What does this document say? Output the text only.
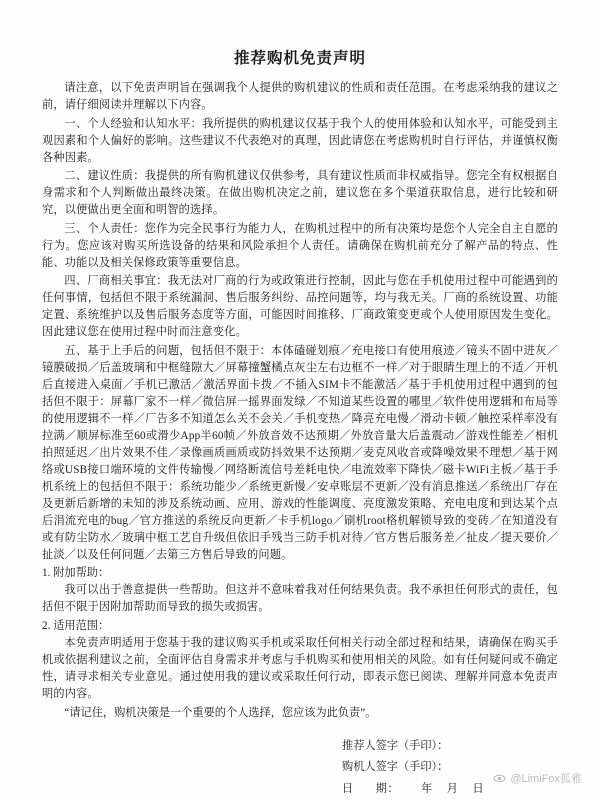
推荐购机免责声明

请注意，以下免责声明旨在强调我个人提供的购机建议的性质和责任范围。在考虑采纳我的建议之前，请仔细阅读并理解以下内容。

一、个人经验和认知水平：我所提供的购机建议仅基于我个人的使用体验和认知水平，可能受到主观因素和个人偏好的影响。这些建议不代表绝对的真理，因此请您在考虑购机时自行评估，并谨慎权衡各种因素。

二、建议性质：我提供的所有购机建议仅供参考，具有建议性质而非权威指导。您完全有权根据自身需求和个人判断做出最终决策。在做出购机决定之前，建议您在多个渠道获取信息，进行比较和研究，以便做出更全面和明智的选择。

三、个人责任：您作为完全民事行为能力人，在购机过程中的所有决策均是您个人完全自主自愿的行为。您应该对购买所选设备的结果和风险承担个人责任。请确保在购机前充分了解产品的特点、性能、功能以及相关保修政策等重要信息。

四、厂商相关事宜：我无法对厂商的行为或政策进行控制，因此与您在手机使用过程中可能遇到的任何事情，包括但不限于系统漏洞、售后服务纠纷、品控问题等，均与我无关。厂商的系统设置、功能定置、系统维护以及售后服务态度等方面，可能因时间推移、厂商政策变更或个人使用原因发生变化。因此建议您在使用过程中时而注意变化。

五、基于上手后的问题，包括但不限于：本体磕碰划痕／充电接口有使用痕迹／镜头不固中进灰／镜膜破损／后盖玻璃和中框缝隙大／屏幕撞蟹橘点灰尘左右边框不一样／对于眼睛生理上的不适／开机后直接进入桌面／手机已激活／激活界面卡拨／不插入SIM卡不能激活／基于手机使用过程中遇到的包括但不限于：屏幕厂家不一样／微信屏一摇界面发绿／不知道某些设置的哪里／软件使用逻辑和布局等的使用逻辑不一样／厂告多不知道怎么关不会关／手机变热／降亮充电慢／滑动卡顿／触控采样率没有拉满／顺屏标准至60或滑少App半60帧／外放音效不达预期／外放音量大后盖震动／游戏性能差／相机拍照延迟／出片效果不佳／录像画质画质或防抖效果不达预期／麦克风收音或降噪效果不理想／基于网络或USB接口端环境的文件传输慢／网络断流信号差耗电快／电流效率下降快／磁卡WiFi主板／基于手机系统上的包括但不限于：系统功能少／系统更新慢／安卓账层不更新／没有消息推送／系统出厂存在及更新后新增的未知的涉及系统动画、应用、游戏的性能调度、亮度激发策略、充电电度和到达某个点后涓流充电的bug／官方推送的系统反向更新／卡手机logo／刷机root格机解锁导致的变砖／在知道没有或有防尘防水／玻璃中框工艺自升级但依旧手残当三防手机对待／官方售后服务差／扯皮／提天要价／扯淡／以及任何问题／去第三方售后导致的问题。

1. 附加帮助：

我可以出于善意提供一些帮助。但这并不意味着我对任何结果负责。我不承担任何形式的责任，包括但不限于因附加帮助而导致的损失或损害。

2. 适用范围：

本免责声明适用于您基于我的建议购买手机或采取任何相关行动全部过程和结果，请确保在购买手机或依据利建议之前，全面评估自身需求并考虑与手机购买和使用相关的风险。如有任何疑问或不确定性，请寻求相关专业意见。通过使用我的建议或采取任何行动，即表示您已阅读、理解并同意本免责声明的内容。

“请记住，购机决策是一个重要的个人选择，您应该为此负责”。

推荐人签字（手印）：
购机人签字（手印）：
日 期： 年 月 日
@LimiFox狐雅
